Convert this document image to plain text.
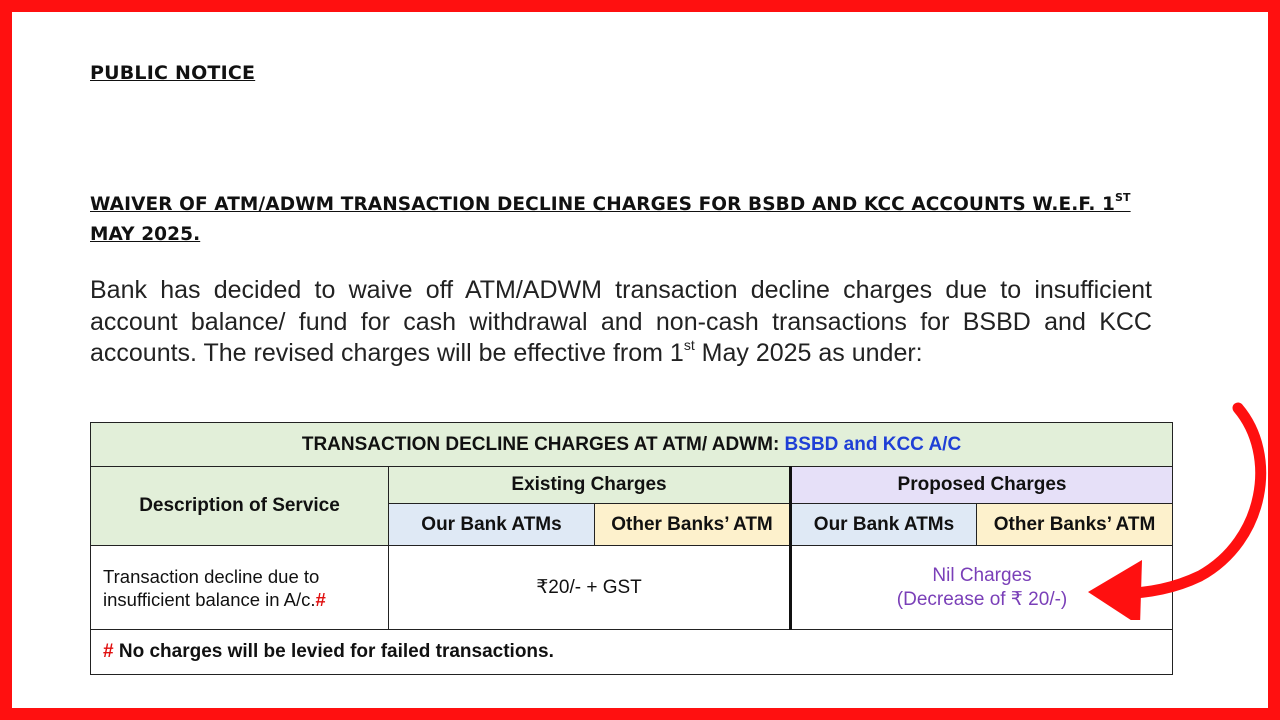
PUBLIC NOTICE
WAIVER OF ATM/ADWM TRANSACTION DECLINE CHARGES FOR BSBD AND KCC ACCOUNTS W.E.F. 1ST
MAY 2025.
Bank has decided to waive off ATM/ADWM transaction decline charges due to insufficient account balance/ fund for cash withdrawal and non-cash transactions for BSBD and KCC accounts. The revised charges will be effective from 1st May 2025 as under:
TRANSACTION DECLINE CHARGES AT ATM/ ADWM: BSBD and KCC A/C				
Description of Service	Existing Charges		Proposed Charges	
	Our Bank ATMs	Other Banks’ ATM	Our Bank ATMs	Other Banks’ ATM
Transaction decline due to insufficient balance in A/c.#	₹20/- + GST		Nil Charges
(Decrease of ₹ 20/-)	
# No charges will be levied for failed transactions.				
